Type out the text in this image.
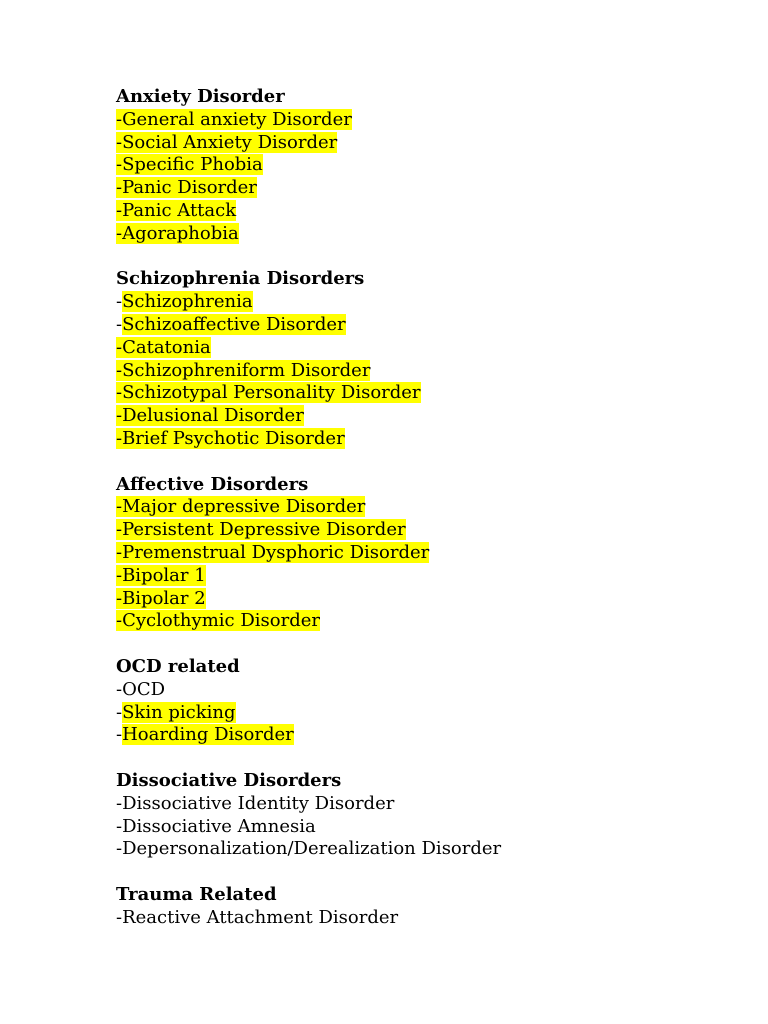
Anxiety Disorder
-General anxiety Disorder
-Social Anxiety Disorder
-Specific Phobia
-Panic Disorder
-Panic Attack
-Agoraphobia
Schizophrenia Disorders
-Schizophrenia
-Schizoaffective Disorder
-Catatonia
-Schizophreniform Disorder
-Schizotypal Personality Disorder
-Delusional Disorder
-Brief Psychotic Disorder
Affective Disorders
-Major depressive Disorder
-Persistent Depressive Disorder
-Premenstrual Dysphoric Disorder
-Bipolar 1
-Bipolar 2
-Cyclothymic Disorder
OCD related
-OCD
-Skin picking
-Hoarding Disorder
Dissociative Disorders
-Dissociative Identity Disorder
-Dissociative Amnesia
-Depersonalization/Derealization Disorder
Trauma Related
-Reactive Attachment Disorder
